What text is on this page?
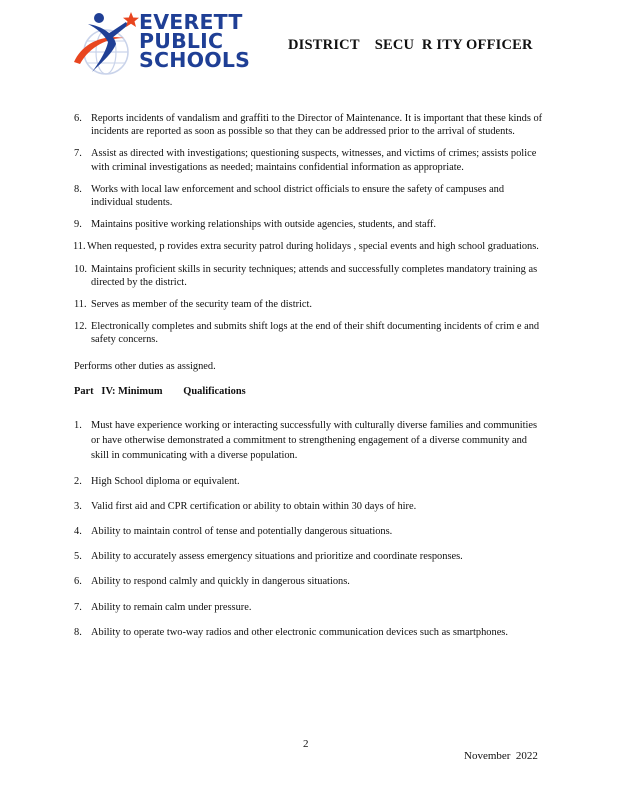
EVERETT
PUBLIC
SCHOOLS
DISTRICT    SECU  R ITY OFFICER

6. Reports incidents of vandalism and graffiti to the Director of Maintenance. It is important that these kinds of incidents are reported as soon as possible so that they can be addressed prior to the arrival of students.

7. Assist as directed with investigations; questioning suspects, witnesses, and victims of crimes; assists police with criminal investigations as needed; maintains confidential information as appropriate.

8. Works with local law enforcement and school district officials to ensure the safety of campuses and individual students.

9. Maintains positive working relationships with outside agencies, students, and staff.

11. When requested, p rovides extra security patrol during holidays , special events and high school graduations.

10. Maintains proficient skills in security techniques; attends and successfully completes mandatory training as directed by the district.

11. Serves as member of the security team of the district.

12. Electronically completes and submits shift logs at the end of their shift documenting incidents of crim e and safety concerns.

Performs other duties as assigned.

Part   IV: Minimum        Qualifications

1. Must have experience working or interacting successfully with culturally diverse families and communities or have otherwise demonstrated a commitment to strengthening engagement of a diverse community and skill in communicating with a diverse population.

2. High School diploma or equivalent.

3. Valid first aid and CPR certification or ability to obtain within 30 days of hire.

4. Ability to maintain control of tense and potentially dangerous situations.

5. Ability to accurately assess emergency situations and prioritize and coordinate responses.

6. Ability to respond calmly and quickly in dangerous situations.

7. Ability to remain calm under pressure.

8. Ability to operate two-way radios and other electronic communication devices such as smartphones.

2
November  2022
